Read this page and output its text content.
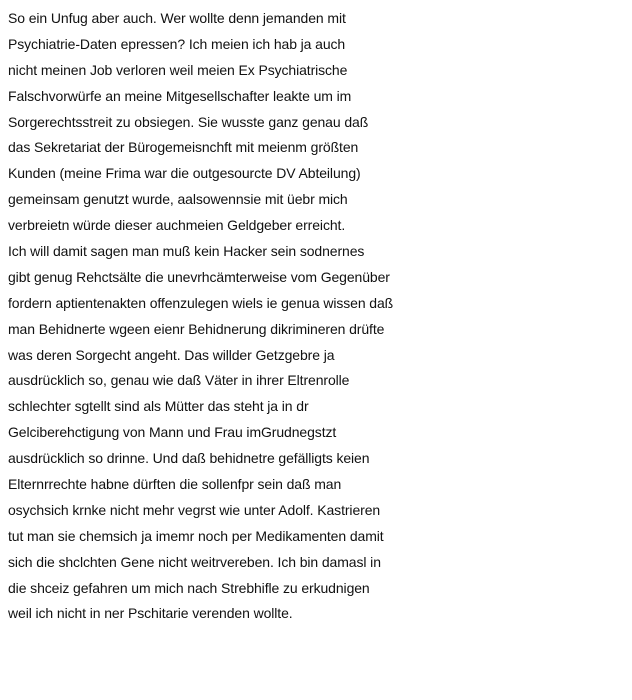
So ein Unfug aber auch. Wer wollte denn jemanden mit
Psychiatrie-Daten epressen? Ich meien ich hab ja auch
nicht meinen Job verloren weil meien Ex Psychiatrische
Falschvorwürfe an meine Mitgesellschafter leakte um im
Sorgerechtsstreit zu obsiegen. Sie wusste ganz genau daß
das Sekretariat der Bürogemeisnchft mit meienm größten
Kunden (meine Frima war die outgesourcte DV Abteilung)
gemeinsam genutzt wurde, aalsowennsie mit üebr mich
verbreietn würde dieser auchmeien Geldgeber erreicht.
Ich will damit sagen man muß kein Hacker sein sodnernes
gibt genug Rehctsälte die unevrhcämterweise vom Gegenüber
fordern aptientenakten offenzulegen wiels ie genua wissen daß
man Behidnerte wgeen eienr Behidnerung dikrimineren drüfte
was deren Sorgecht angeht. Das willder Getzgebre ja
ausdrücklich so, genau wie daß Väter in ihrer Eltrenrolle
schlechter sgtellt sind als Mütter das steht ja in dr
Gelciberehctigung von Mann und Frau imGrudnegstzt
ausdrücklich so drinne. Und daß behidnetre gefälligts keien
Elternrrechte habne dürften die sollenfpr sein daß man
osychsich krnke nicht mehr vegrst wie unter Adolf. Kastrieren
tut man sie chemsich ja imemr noch per Medikamenten damit
sich die shclchten Gene nicht weitrvereben. Ich bin damasl in
die shceiz gefahren um mich nach Strebhifle zu erkudnigen
weil ich nicht in ner Pschitarie verenden wollte.
